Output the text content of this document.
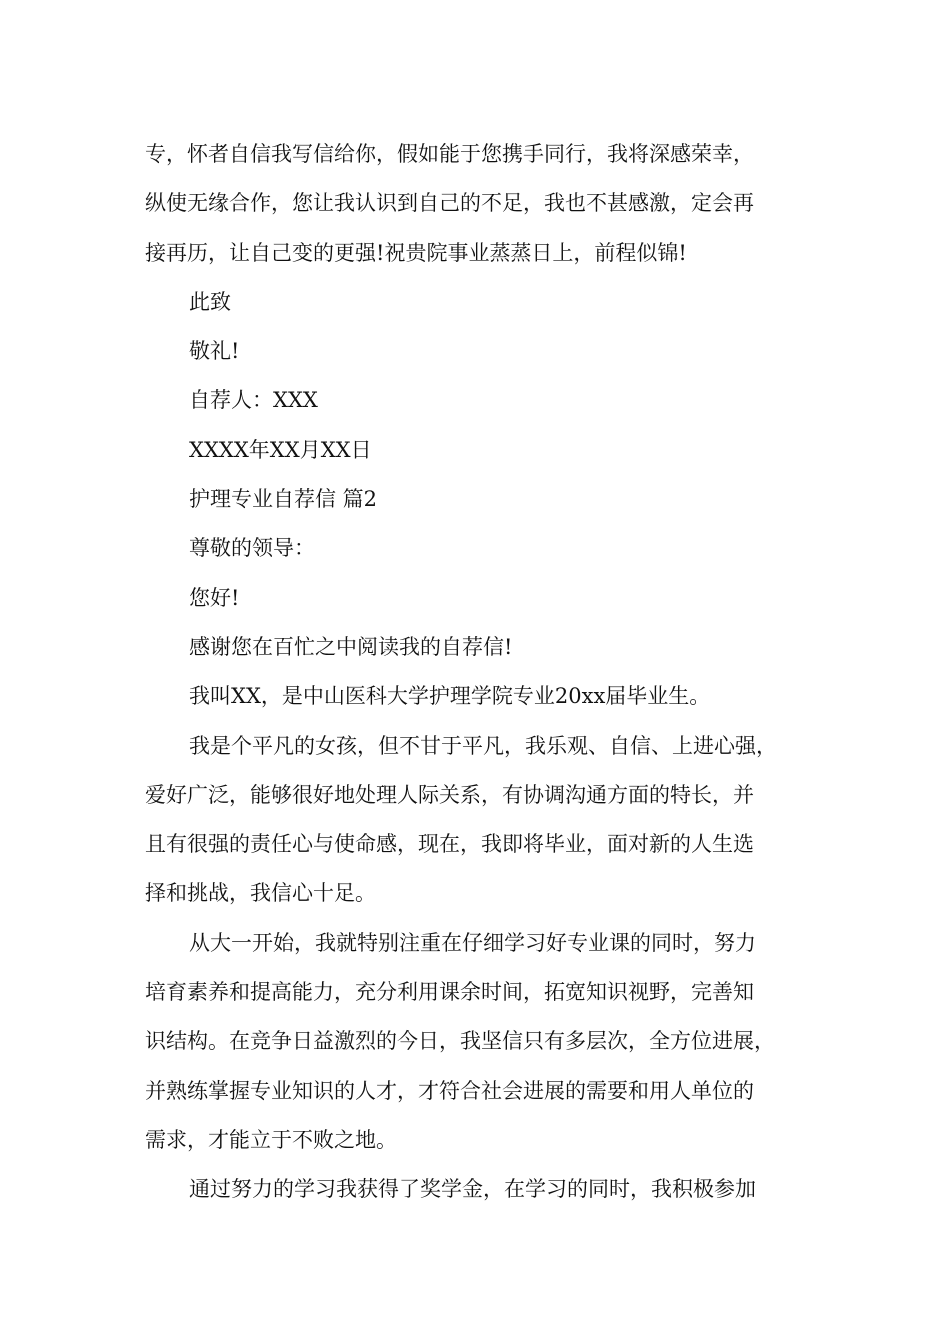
专，怀者自信我写信给你，假如能于您携手同行，我将深感荣幸，
纵使无缘合作，您让我认识到自己的不足，我也不甚感激，定会再
接再历，让自己变的更强!祝贵院事业蒸蒸日上，前程似锦!
此致
敬礼!
自荐人：XXX
XXXX年XX月XX日
护理专业自荐信 篇2
尊敬的领导：
您好!
感谢您在百忙之中阅读我的自荐信!
我叫XX，是中山医科大学护理学院专业20xx届毕业生。
我是个平凡的女孩，但不甘于平凡，我乐观、自信、上进心强，
爱好广泛，能够很好地处理人际关系，有协调沟通方面的特长，并
且有很强的责任心与使命感，现在，我即将毕业，面对新的人生选
择和挑战，我信心十足。
从大一开始，我就特别注重在仔细学习好专业课的同时，努力
培育素养和提高能力，充分利用课余时间，拓宽知识视野，完善知
识结构。在竞争日益激烈的今日，我坚信只有多层次，全方位进展，
并熟练掌握专业知识的人才，才符合社会进展的需要和用人单位的
需求，才能立于不败之地。
通过努力的学习我获得了奖学金，在学习的同时，我积极参加
